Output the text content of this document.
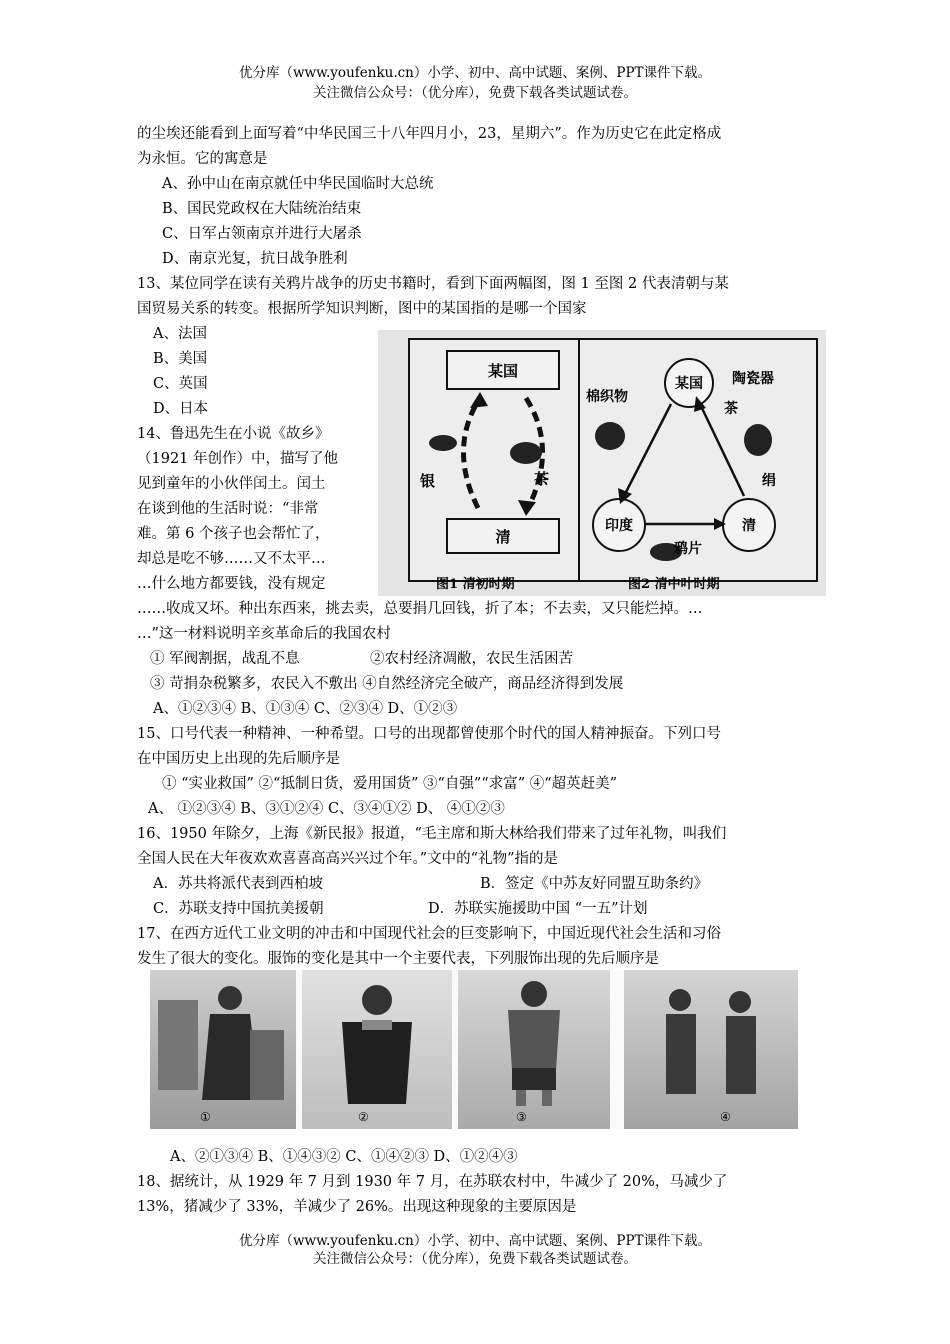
优分库（www.youfenku.cn）小学、初中、高中试题、案例、PPT课件下载。
关注微信公众号：（优分库），免费下载各类试题试卷。
的尘埃还能看到上面写着“中华民国三十八年四月小，23，星期六”。作为历史它在此定格成
为永恒。它的寓意是
A、孙中山在南京就任中华民国临时大总统
B、国民党政权在大陆统治结束
C、日军占领南京并进行大屠杀
D、南京光复，抗日战争胜利
13、某位同学在读有关鸦片战争的历史书籍时，看到下面两幅图，图 1 至图 2 代表清朝与某
国贸易关系的转变。根据所学知识判断，图中的某国指的是哪一个国家
A、法国
B、美国
C、英国
D、日本
某国
清
银	茶
图1 清初时期
某国
印度	清
棉织物
陶瓷器
茶
绢
鸦片
图2 清中叶时期
14、鲁迅先生在小说《故乡》
（1921 年创作）中，描写了他
见到童年的小伙伴闰土。闰土
在谈到他的生活时说：“非常
难。第 6 个孩子也会帮忙了，
却总是吃不够……又不太平…
…什么地方都要钱，没有规定
……收成又坏。种出东西来，挑去卖，总要捐几回钱，折了本；不去卖，又只能烂掉。…
…”这一材料说明辛亥革命后的我国农村
① 军阀割据，战乱不息	②农村经济凋敝，农民生活困苦
③ 苛捐杂税繁多，农民入不敷出 ④自然经济完全破产，商品经济得到发展
A、①②③④ B、①③④ C、②③④ D、①②③
15、口号代表一种精神、一种希望。口号的出现都曾使那个时代的国人精神振奋。下列口号
在中国历史上出现的先后顺序是
① “实业救国” ②“抵制日货，爱用国货” ③“自强”“求富” ④“超英赶美”
A、 ①②③④ B、③①②④ C、③④①② D、 ④①②③
16、1950 年除夕，上海《新民报》报道，“毛主席和斯大林给我们带来了过年礼物，叫我们
全国人民在大年夜欢欢喜喜高高兴兴过个年。”文中的“礼物”指的是
A．苏共将派代表到西柏坡	B．签定《中苏友好同盟互助条约》
C．苏联支持中国抗美援朝	D．苏联实施援助中国 “一五”计划
17、在西方近代工业文明的冲击和中国现代社会的巨变影响下，中国近现代社会生活和习俗
发生了很大的变化。服饰的变化是其中一个主要代表，下列服饰出现的先后顺序是
①	②	③	④
A、②①③④ B、①④③② C、①④②③ D、①②④③
18、据统计，从 1929 年 7 月到 1930 年 7 月，在苏联农村中，牛减少了 20%，马减少了
13%，猪减少了 33%，羊减少了 26%。出现这种现象的主要原因是
优分库（www.youfenku.cn）小学、初中、高中试题、案例、PPT课件下载。
关注微信公众号：（优分库），免费下载各类试题试卷。
